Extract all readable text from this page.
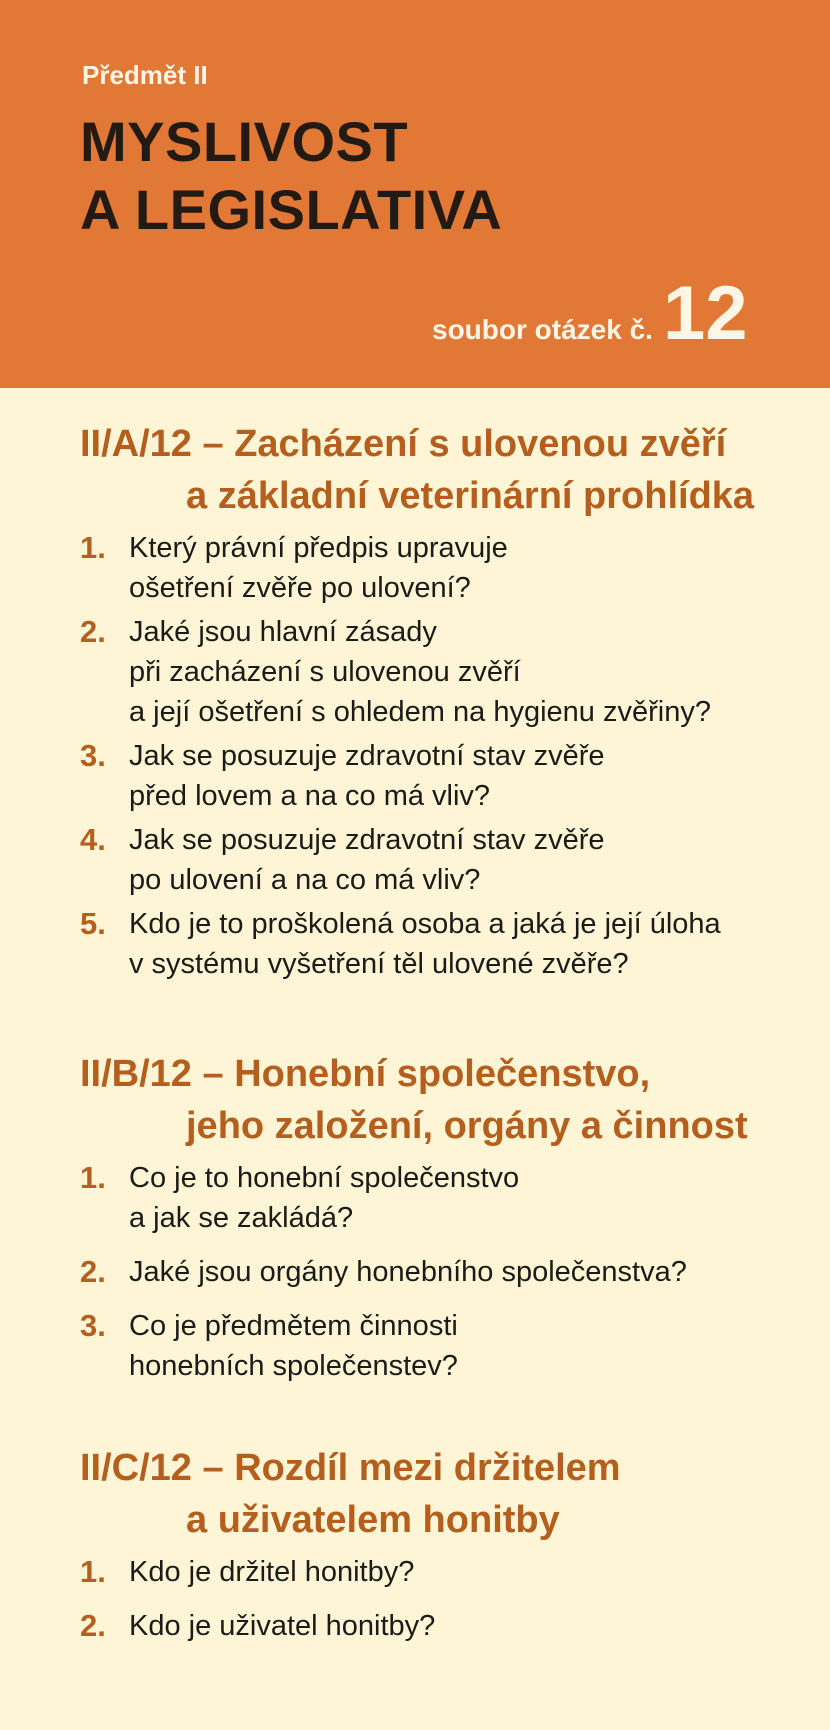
Předmět II
MYSLIVOST
A LEGISLATIVA
soubor otázek č. 12
II/A/12 – Zacházení s ulovenou zvěří
a základní veterinární prohlídka
1. Který právní předpis upravuje
ošetření zvěře po ulovení?
2. Jaké jsou hlavní zásady
při zacházení s ulovenou zvěří
a její ošetření s ohledem na hygienu zvěřiny?
3. Jak se posuzuje zdravotní stav zvěře
před lovem a na co má vliv?
4. Jak se posuzuje zdravotní stav zvěře
po ulovení a na co má vliv?
5. Kdo je to proškolená osoba a jaká je její úloha
v systému vyšetření těl ulovené zvěře?
II/B/12 – Honební společenstvo,
jeho založení, orgány a činnost
1. Co je to honební společenstvo
a jak se zakládá?
2. Jaké jsou orgány honebního společenstva?
3. Co je předmětem činnosti
honebních společenstev?
II/C/12 – Rozdíl mezi držitelem
a uživatelem honitby
1. Kdo je držitel honitby?
2. Kdo je uživatel honitby?
